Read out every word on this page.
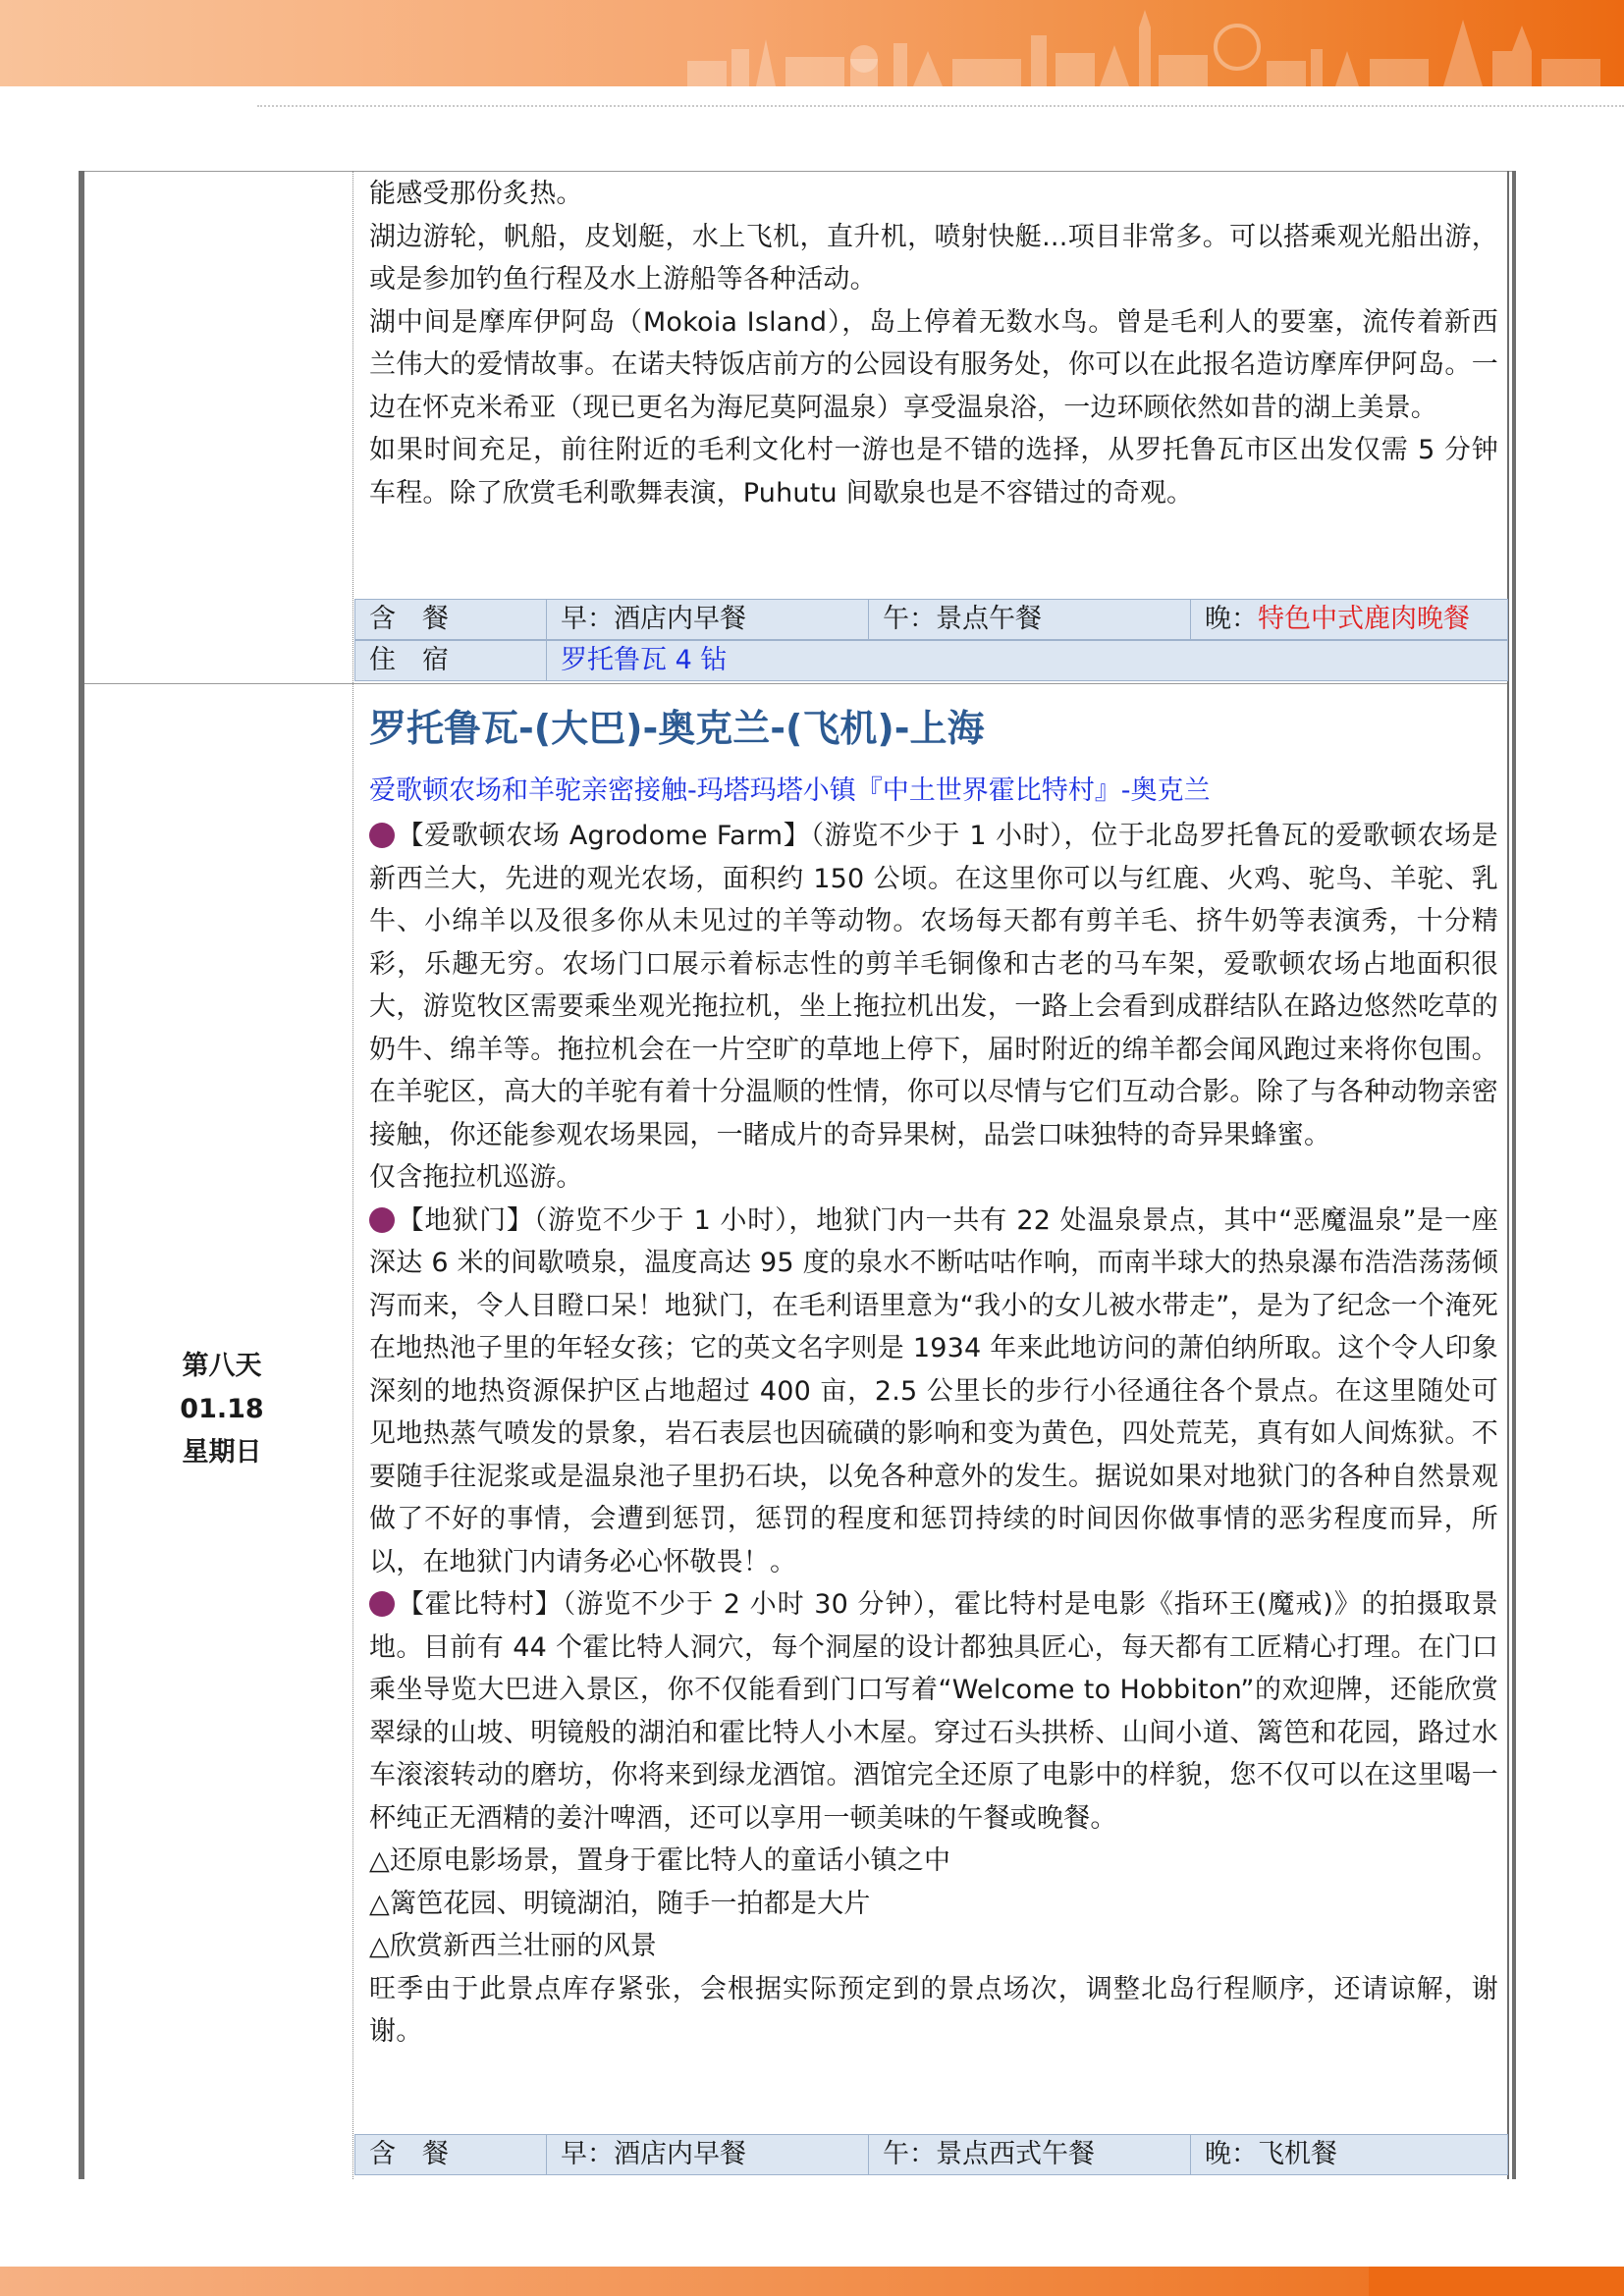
能感受那份炙热。

湖边游轮，帆船，皮划艇，水上飞机，直升机，喷射快艇...项目非常多。可以搭乘观光船出游，或是参加钓鱼行程及水上游船等各种活动。

湖中间是摩库伊阿岛（Mokoia Island），岛上停着无数水鸟。曾是毛利人的要塞，流传着新西兰伟大的爱情故事。在诺夫特饭店前方的公园设有服务处，你可以在此报名造访摩库伊阿岛。一边在怀克米希亚（现已更名为海尼莫阿温泉）享受温泉浴，一边环顾依然如昔的湖上美景。

如果时间充足，前往附近的毛利文化村一游也是不错的选择，从罗托鲁瓦市区出发仅需 5 分钟车程。除了欣赏毛利歌舞表演，Puhutu 间歇泉也是不容错过的奇观。

含　餐	早：酒店内早餐	午：景点午餐	晚：特色中式鹿肉晚餐
住　宿	罗托鲁瓦 4 钻
第八天
01.18
星期日
罗托鲁瓦-(大巴)-奥克兰-(飞机)-上海
爱歌顿农场和羊驼亲密接触-玛塔玛塔小镇『中土世界霍比特村』-奥克兰

【爱歌顿农场 Agrodome Farm】（游览不少于 1 小时），位于北岛罗托鲁瓦的爱歌顿农场是新西兰大，先进的观光农场，面积约 150 公顷。在这里你可以与红鹿、火鸡、驼鸟、羊驼、乳牛、小绵羊以及很多你从未见过的羊等动物。农场每天都有剪羊毛、挤牛奶等表演秀，十分精彩，乐趣无穷。农场门口展示着标志性的剪羊毛铜像和古老的马车架，爱歌顿农场占地面积很大，游览牧区需要乘坐观光拖拉机，坐上拖拉机出发，一路上会看到成群结队在路边悠然吃草的奶牛、绵羊等。拖拉机会在一片空旷的草地上停下，届时附近的绵羊都会闻风跑过来将你包围。在羊驼区，高大的羊驼有着十分温顺的性情，你可以尽情与它们互动合影。除了与各种动物亲密接触，你还能参观农场果园，一睹成片的奇异果树，品尝口味独特的奇异果蜂蜜。

仅含拖拉机巡游。

【地狱门】（游览不少于 1 小时），地狱门内一共有 22 处温泉景点，其中“恶魔温泉”是一座深达 6 米的间歇喷泉，温度高达 95 度的泉水不断咕咕作响，而南半球大的热泉瀑布浩浩荡荡倾泻而来，令人目瞪口呆！地狱门，在毛利语里意为“我小的女儿被水带走”，是为了纪念一个淹死在地热池子里的年轻女孩；它的英文名字则是 1934 年来此地访问的萧伯纳所取。这个令人印象深刻的地热资源保护区占地超过 400 亩，2.5 公里长的步行小径通往各个景点。在这里随处可见地热蒸气喷发的景象，岩石表层也因硫磺的影响和变为黄色，四处荒芜，真有如人间炼狱。不要随手往泥浆或是温泉池子里扔石块，以免各种意外的发生。据说如果对地狱门的各种自然景观做了不好的事情，会遭到惩罚，惩罚的程度和惩罚持续的时间因你做事情的恶劣程度而异，所以，在地狱门内请务必心怀敬畏！。

【霍比特村】（游览不少于 2 小时 30 分钟），霍比特村是电影《指环王(魔戒)》的拍摄取景地。目前有 44 个霍比特人洞穴，每个洞屋的设计都独具匠心，每天都有工匠精心打理。在门口乘坐导览大巴进入景区，你不仅能看到门口写着“Welcome to Hobbiton”的欢迎牌，还能欣赏翠绿的山坡、明镜般的湖泊和霍比特人小木屋。穿过石头拱桥、山间小道、篱笆和花园，路过水车滚滚转动的磨坊，你将来到绿龙酒馆。酒馆完全还原了电影中的样貌，您不仅可以在这里喝一杯纯正无酒精的姜汁啤酒，还可以享用一顿美味的午餐或晚餐。

△还原电影场景，置身于霍比特人的童话小镇之中

△篱笆花园、明镜湖泊，随手一拍都是大片

△欣赏新西兰壮丽的风景

旺季由于此景点库存紧张，会根据实际预定到的景点场次，调整北岛行程顺序，还请谅解，谢谢。

含　餐	早：酒店内早餐	午：景点西式午餐	晚：飞机餐
